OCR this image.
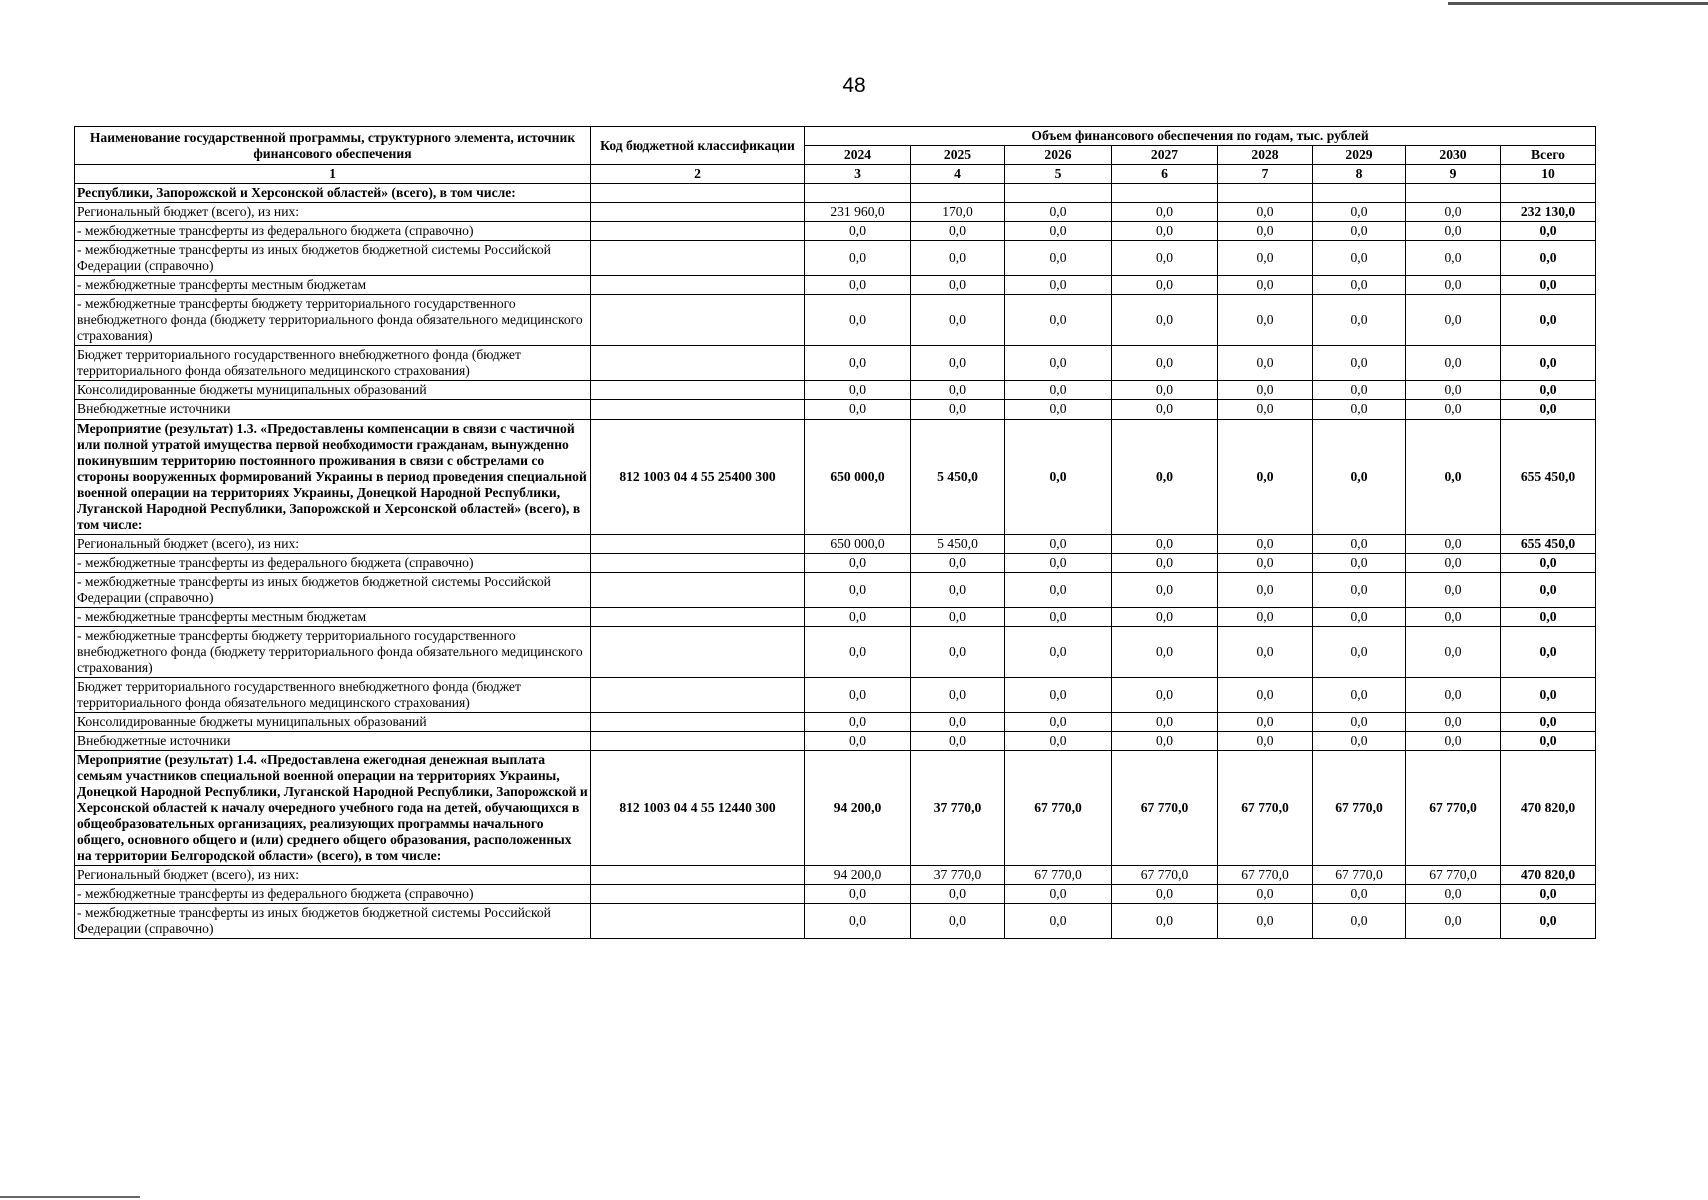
48
Наименование государственной программы, структурного элемента, источник финансового обеспечения	Код бюджетной классификации	Объем финансового обеспечения по годам, тыс. рублей							
		2024	2025	2026	2027	2028	2029	2030	Всего
1	2	3	4	5	6	7	8	9	10
Республики, Запорожской и Херсонской областей» (всего), в том числе:									
Региональный бюджет (всего), из них:		231 960,0	170,0	0,0	0,0	0,0	0,0	0,0	232 130,0
- межбюджетные трансферты из федерального бюджета (справочно)		0,0	0,0	0,0	0,0	0,0	0,0	0,0	0,0
- межбюджетные трансферты из иных бюджетов бюджетной системы Российской Федерации (справочно)		0,0	0,0	0,0	0,0	0,0	0,0	0,0	0,0
- межбюджетные трансферты местным бюджетам		0,0	0,0	0,0	0,0	0,0	0,0	0,0	0,0
- межбюджетные трансферты бюджету территориального государственного внебюджетного фонда (бюджету территориального фонда обязательного медицинского страхования)		0,0	0,0	0,0	0,0	0,0	0,0	0,0	0,0
Бюджет территориального государственного внебюджетного фонда (бюджет территориального фонда обязательного медицинского страхования)		0,0	0,0	0,0	0,0	0,0	0,0	0,0	0,0
Консолидированные бюджеты муниципальных образований		0,0	0,0	0,0	0,0	0,0	0,0	0,0	0,0
Внебюджетные источники		0,0	0,0	0,0	0,0	0,0	0,0	0,0	0,0
Мероприятие (результат) 1.3. «Предоставлены компенсации в связи с частичной или полной утратой имущества первой необходимости гражданам, вынужденно покинувшим территорию постоянного проживания в связи с обстрелами со стороны вооруженных формирований Украины в период проведения специальной военной операции на территориях Украины, Донецкой Народной Республики, Луганской Народной Республики, Запорожской и Херсонской областей» (всего), в том числе:	812 1003 04 4 55 25400 300	650 000,0	5 450,0	0,0	0,0	0,0	0,0	0,0	655 450,0
Региональный бюджет (всего), из них:		650 000,0	5 450,0	0,0	0,0	0,0	0,0	0,0	655 450,0
- межбюджетные трансферты из федерального бюджета (справочно)		0,0	0,0	0,0	0,0	0,0	0,0	0,0	0,0
- межбюджетные трансферты из иных бюджетов бюджетной системы Российской Федерации (справочно)		0,0	0,0	0,0	0,0	0,0	0,0	0,0	0,0
- межбюджетные трансферты местным бюджетам		0,0	0,0	0,0	0,0	0,0	0,0	0,0	0,0
- межбюджетные трансферты бюджету территориального государственного внебюджетного фонда (бюджету территориального фонда обязательного медицинского страхования)		0,0	0,0	0,0	0,0	0,0	0,0	0,0	0,0
Бюджет территориального государственного внебюджетного фонда (бюджет территориального фонда обязательного медицинского страхования)		0,0	0,0	0,0	0,0	0,0	0,0	0,0	0,0
Консолидированные бюджеты муниципальных образований		0,0	0,0	0,0	0,0	0,0	0,0	0,0	0,0
Внебюджетные источники		0,0	0,0	0,0	0,0	0,0	0,0	0,0	0,0
Мероприятие (результат) 1.4. «Предоставлена ежегодная денежная выплата семьям участников специальной военной операции на территориях Украины, Донецкой Народной Республики, Луганской Народной Республики, Запорожской и Херсонской областей к началу очередного учебного года на детей, обучающихся в общеобразовательных организациях, реализующих программы начального общего, основного общего и (или) среднего общего образования, расположенных на территории Белгородской области» (всего), в том числе:	812 1003 04 4 55 12440 300	94 200,0	37 770,0	67 770,0	67 770,0	67 770,0	67 770,0	67 770,0	470 820,0
Региональный бюджет (всего), из них:		94 200,0	37 770,0	67 770,0	67 770,0	67 770,0	67 770,0	67 770,0	470 820,0
- межбюджетные трансферты из федерального бюджета (справочно)		0,0	0,0	0,0	0,0	0,0	0,0	0,0	0,0
- межбюджетные трансферты из иных бюджетов бюджетной системы Российской Федерации (справочно)		0,0	0,0	0,0	0,0	0,0	0,0	0,0	0,0
